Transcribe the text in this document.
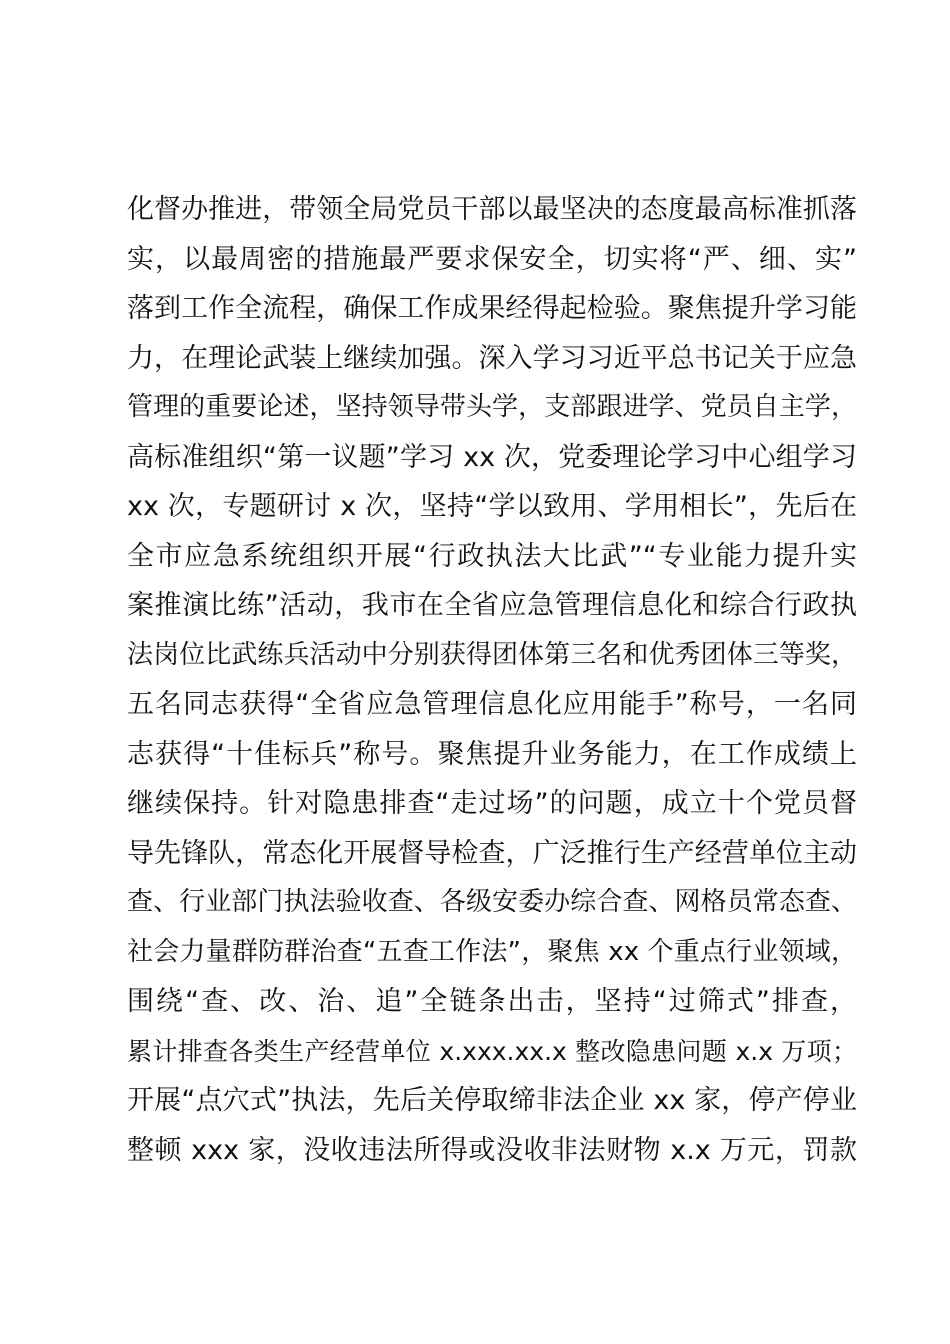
化督办推进，带领全局党员干部以最坚决的态度最高标准抓落
实，以最周密的措施最严要求保安全，切实将“严、细、实”
落到工作全流程，确保工作成果经得起检验。聚焦提升学习能
力，在理论武装上继续加强。深入学习习近平总书记关于应急
管理的重要论述，坚持领导带头学，支部跟进学、党员自主学，
高标准组织“第一议题”学习 xx 次，党委理论学习中心组学习
xx 次，专题研讨 x 次，坚持“学以致用、学用相长”，先后在
全市应急系统组织开展“行政执法大比武”“专业能力提升实
案推演比练”活动，我市在全省应急管理信息化和综合行政执
法岗位比武练兵活动中分别获得团体第三名和优秀团体三等奖，
五名同志获得“全省应急管理信息化应用能手”称号，一名同
志获得“十佳标兵”称号。聚焦提升业务能力，在工作成绩上
继续保持。针对隐患排查“走过场”的问题，成立十个党员督
导先锋队，常态化开展督导检查，广泛推行生产经营单位主动
查、行业部门执法验收查、各级安委办综合查、网格员常态查、
社会力量群防群治查“五查工作法”，聚焦 xx 个重点行业领域，
围绕“查、改、治、追”全链条出击，坚持“过筛式”排查，
累计排查各类生产经营单位 x.xxx.xx.x 整改隐患问题 x.x 万项；
开展“点穴式”执法，先后关停取缔非法企业 xx 家，停产停业
整顿 xxx 家，没收违法所得或没收非法财物 x.x 万元，罚款
